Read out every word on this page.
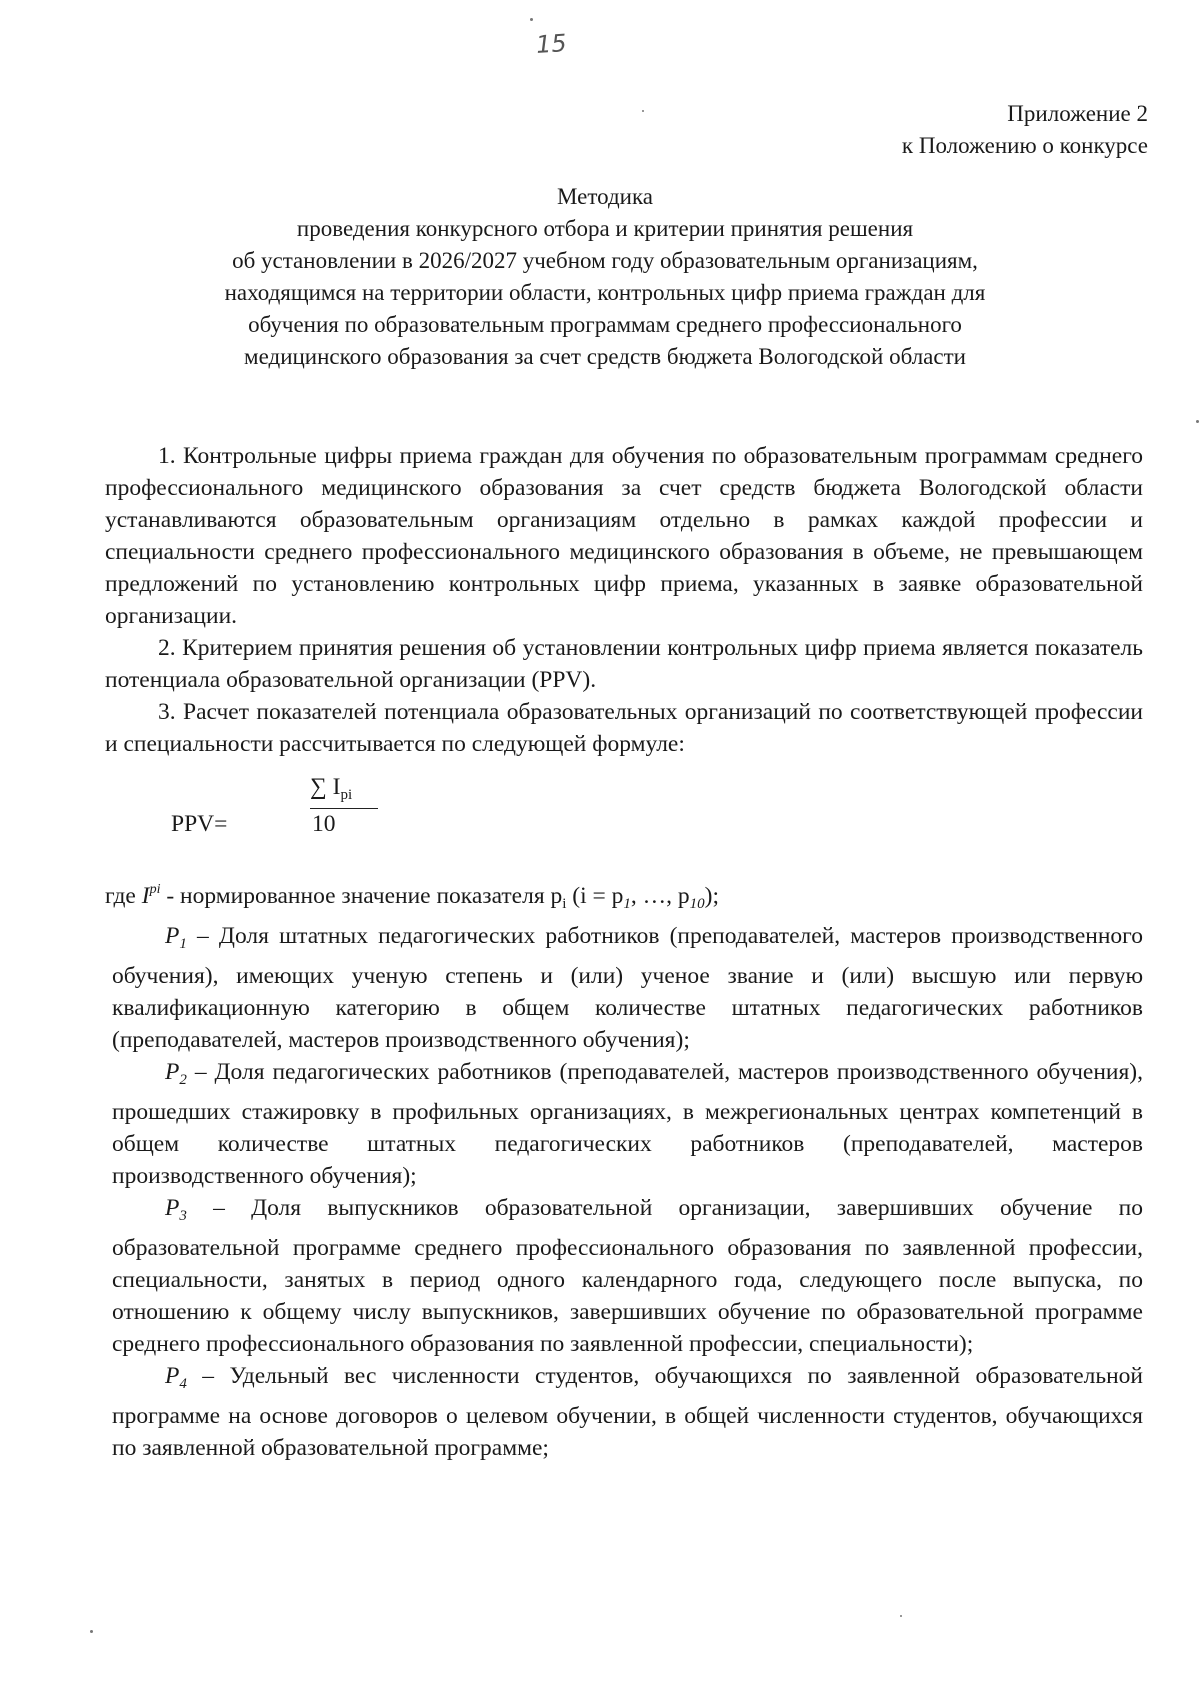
15
Приложение 2
к Положению о конкурсе
Методика
проведения конкурсного отбора и критерии принятия решения
об установлении в 2026/2027 учебном году образовательным организациям,
находящимся на территории области, контрольных цифр приема граждан для
обучения по образовательным программам среднего профессионального
медицинского образования за счет средств бюджета Вологодской области

1. Контрольные цифры приема граждан для обучения по образовательным программам среднего профессионального медицинского образования за счет средств бюджета Вологодской области устанавливаются образовательным организациям отдельно в рамках каждой профессии и специальности среднего профессионального медицинского образования в объеме, не превышающем предложений по установлению контрольных цифр приема, указанных в заявке образовательной организации.

2. Критерием принятия решения об установлении контрольных цифр приема является показатель потенциала образовательной организации (PPV).

3. Расчет показателей потенциала образовательных организаций по соответствующей профессии и специальности рассчитывается по следующей формуле:

PPV=
∑ $I_{pi}$
10

где $I^{pi}$ - нормированное значение показателя $p_i$ ($i = p_1$, …, $p_{10}$);

$P_1$ – Доля штатных педагогических работников (преподавателей, мастеров производственного обучения), имеющих ученую степень и (или) ученое звание и (или) высшую или первую квалификационную категорию в общем количестве штатных педагогических работников (преподавателей, мастеров производственного обучения);

$P_2$ – Доля педагогических работников (преподавателей, мастеров производственного обучения), прошедших стажировку в профильных организациях, в межрегиональных центрах компетенций в общем количестве штатных педагогических работников (преподавателей, мастеров производственного обучения);

$P_3$ – Доля выпускников образовательной организации, завершивших обучение по образовательной программе среднего профессионального образования по заявленной профессии, специальности, занятых в период одного календарного года, следующего после выпуска, по отношению к общему числу выпускников, завершивших обучение по образовательной программе среднего профессионального образования по заявленной профессии, специальности);

$P_4$ – Удельный вес численности студентов, обучающихся по заявленной образовательной программе на основе договоров о целевом обучении, в общей численности студентов, обучающихся по заявленной образовательной программе;
